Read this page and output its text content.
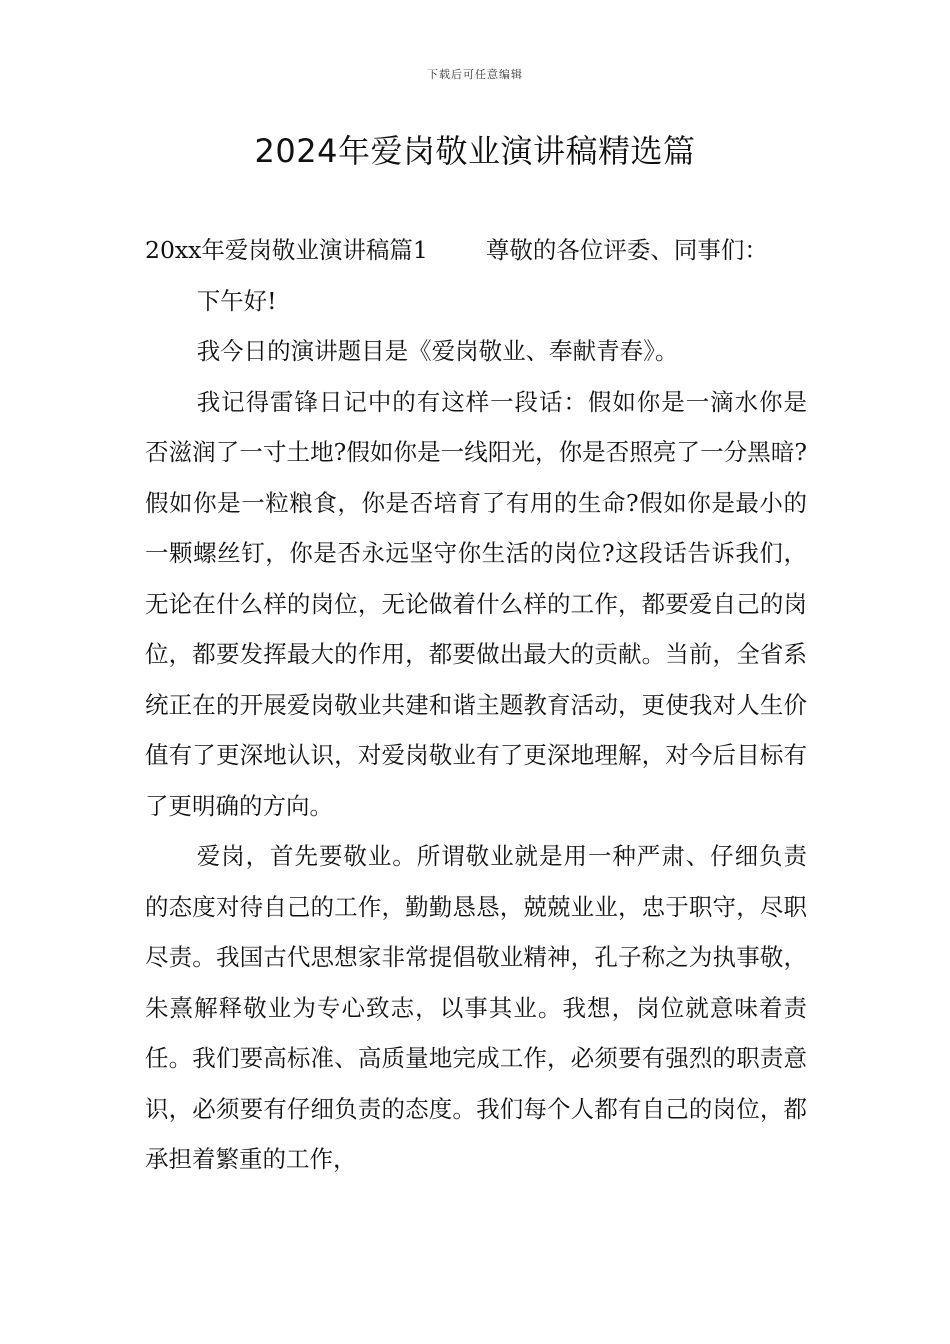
下载后可任意编辑
2024年爱岗敬业演讲稿精选篇

20xx年爱岗敬业演讲稿篇1 尊敬的各位评委、同事们：

下午好!

我今日的演讲题目是《爱岗敬业、奉献青春》。

我记得雷锋日记中的有这样一段话：假如你是一滴水你是否滋润了一寸土地?假如你是一线阳光，你是否照亮了一分黑暗?假如你是一粒粮食，你是否培育了有用的生命?假如你是最小的一颗螺丝钉，你是否永远坚守你生活的岗位?这段话告诉我们，无论在什么样的岗位，无论做着什么样的工作，都要爱自己的岗位，都要发挥最大的作用，都要做出最大的贡献。当前，全省系统正在的开展爱岗敬业共建和谐主题教育活动，更使我对人生价值有了更深地认识，对爱岗敬业有了更深地理解，对今后目标有了更明确的方向。

爱岗，首先要敬业。所谓敬业就是用一种严肃、仔细负责的态度对待自己的工作，勤勤恳恳，兢兢业业，忠于职守，尽职尽责。我国古代思想家非常提倡敬业精神，孔子称之为执事敬，朱熹解释敬业为专心致志，以事其业。我想，岗位就意味着责任。我们要高标准、高质量地完成工作，必须要有强烈的职责意识，必须要有仔细负责的态度。我们每个人都有自己的岗位，都承担着繁重的工作，
